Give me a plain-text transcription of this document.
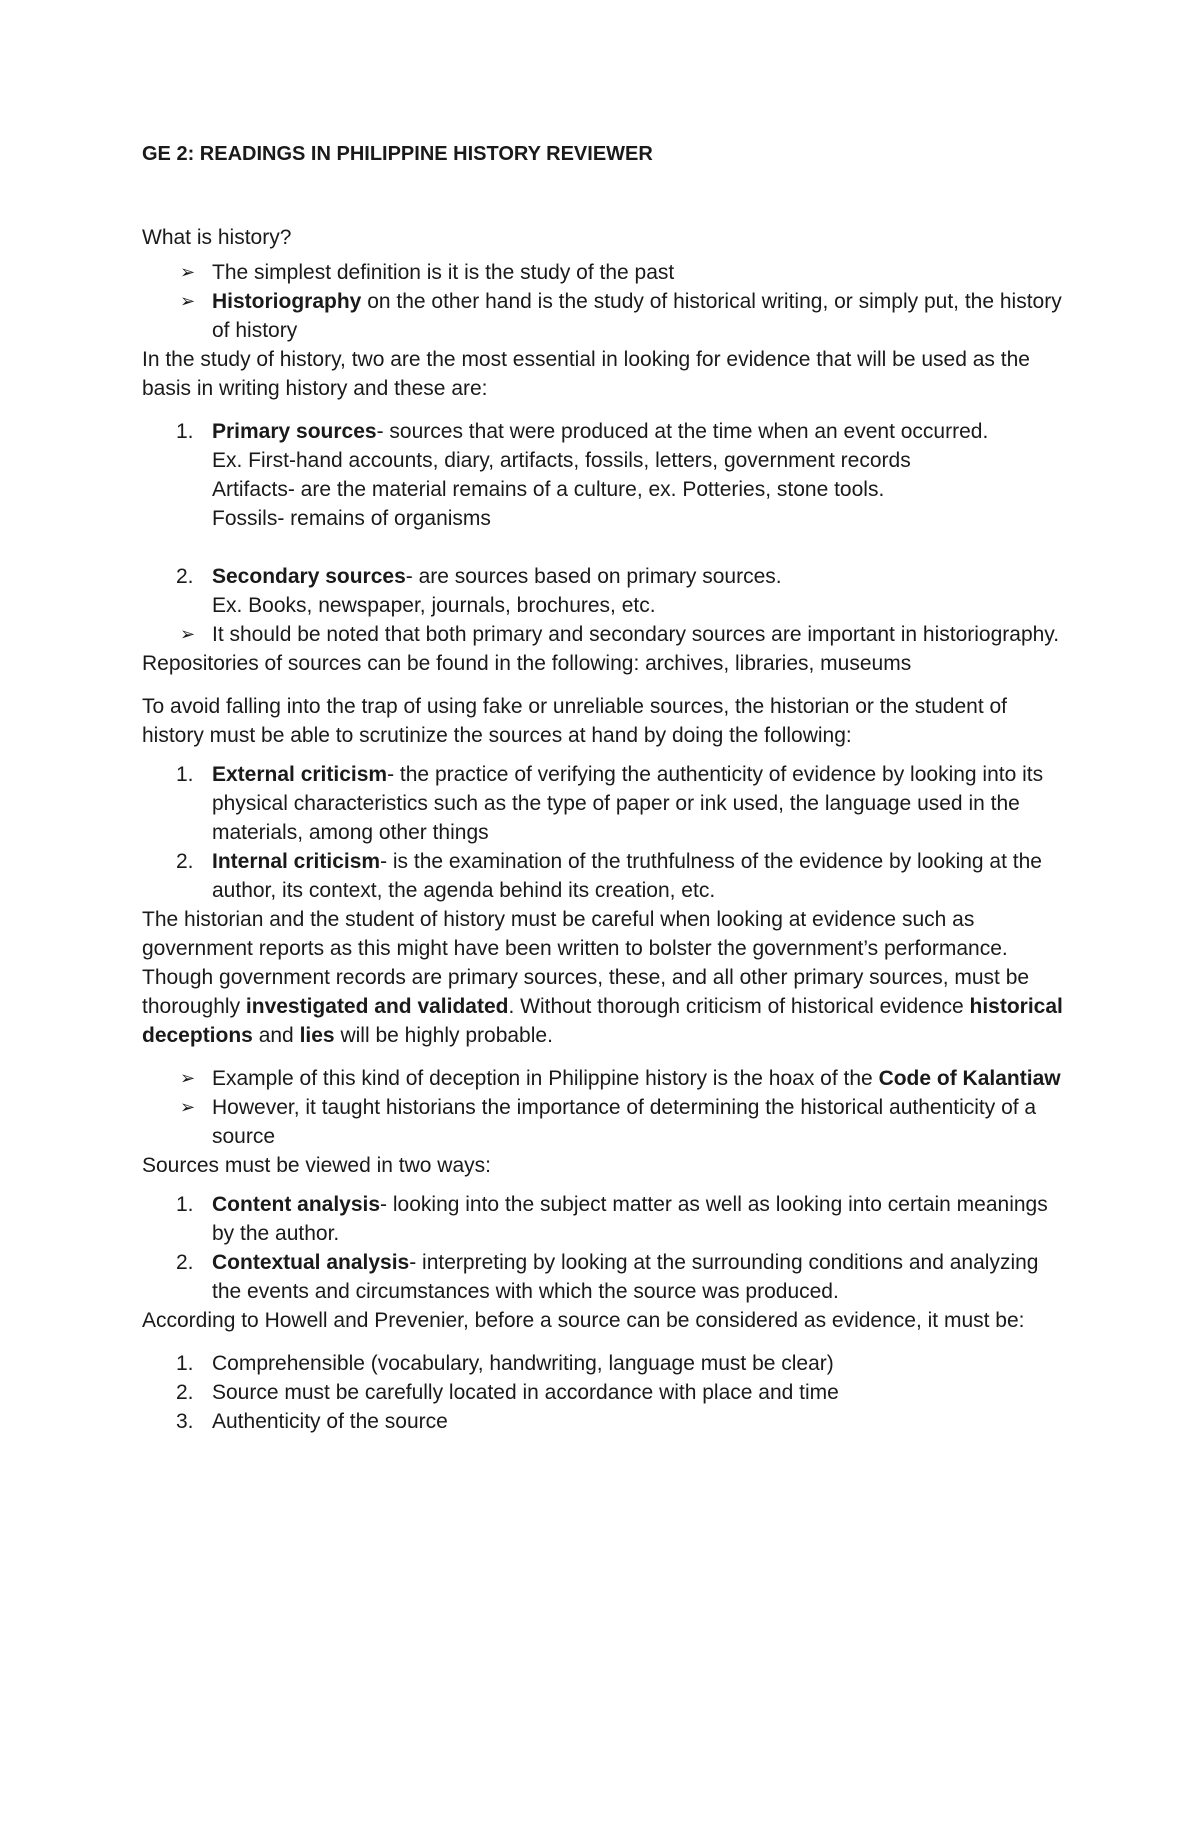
GE 2: READINGS IN PHILIPPINE HISTORY REVIEWER

What is history?

➢ The simplest definition is it is the study of the past
➢ Historiography on the other hand is the study of historical writing, or simply put, the history of history

In the study of history, two are the most essential in looking for evidence that will be used as the basis in writing history and these are:

1. Primary sources- sources that were produced at the time when an event occurred.
Ex. First-hand accounts, diary, artifacts, fossils, letters, government records
Artifacts- are the material remains of a culture, ex. Potteries, stone tools.
Fossils- remains of organisms
2. Secondary sources- are sources based on primary sources.
Ex. Books, newspaper, journals, brochures, etc.
➢ It should be noted that both primary and secondary sources are important in historiography.

Repositories of sources can be found in the following: archives, libraries, museums

To avoid falling into the trap of using fake or unreliable sources, the historian or the student of history must be able to scrutinize the sources at hand by doing the following:

1. External criticism- the practice of verifying the authenticity of evidence by looking into its physical characteristics such as the type of paper or ink used, the language used in the materials, among other things
2. Internal criticism- is the examination of the truthfulness of the evidence by looking at the author, its context, the agenda behind its creation, etc.

The historian and the student of history must be careful when looking at evidence such as government reports as this might have been written to bolster the government’s performance. Though government records are primary sources, these, and all other primary sources, must be thoroughly investigated and validated. Without thorough criticism of historical evidence historical deceptions and lies will be highly probable.

➢ Example of this kind of deception in Philippine history is the hoax of the Code of Kalantiaw
➢ However, it taught historians the importance of determining the historical authenticity of a source

Sources must be viewed in two ways:

1. Content analysis- looking into the subject matter as well as looking into certain meanings by the author.
2. Contextual analysis- interpreting by looking at the surrounding conditions and analyzing the events and circumstances with which the source was produced.

According to Howell and Prevenier, before a source can be considered as evidence, it must be:

1. Comprehensible (vocabulary, handwriting, language must be clear)
2. Source must be carefully located in accordance with place and time
3. Authenticity of the source
